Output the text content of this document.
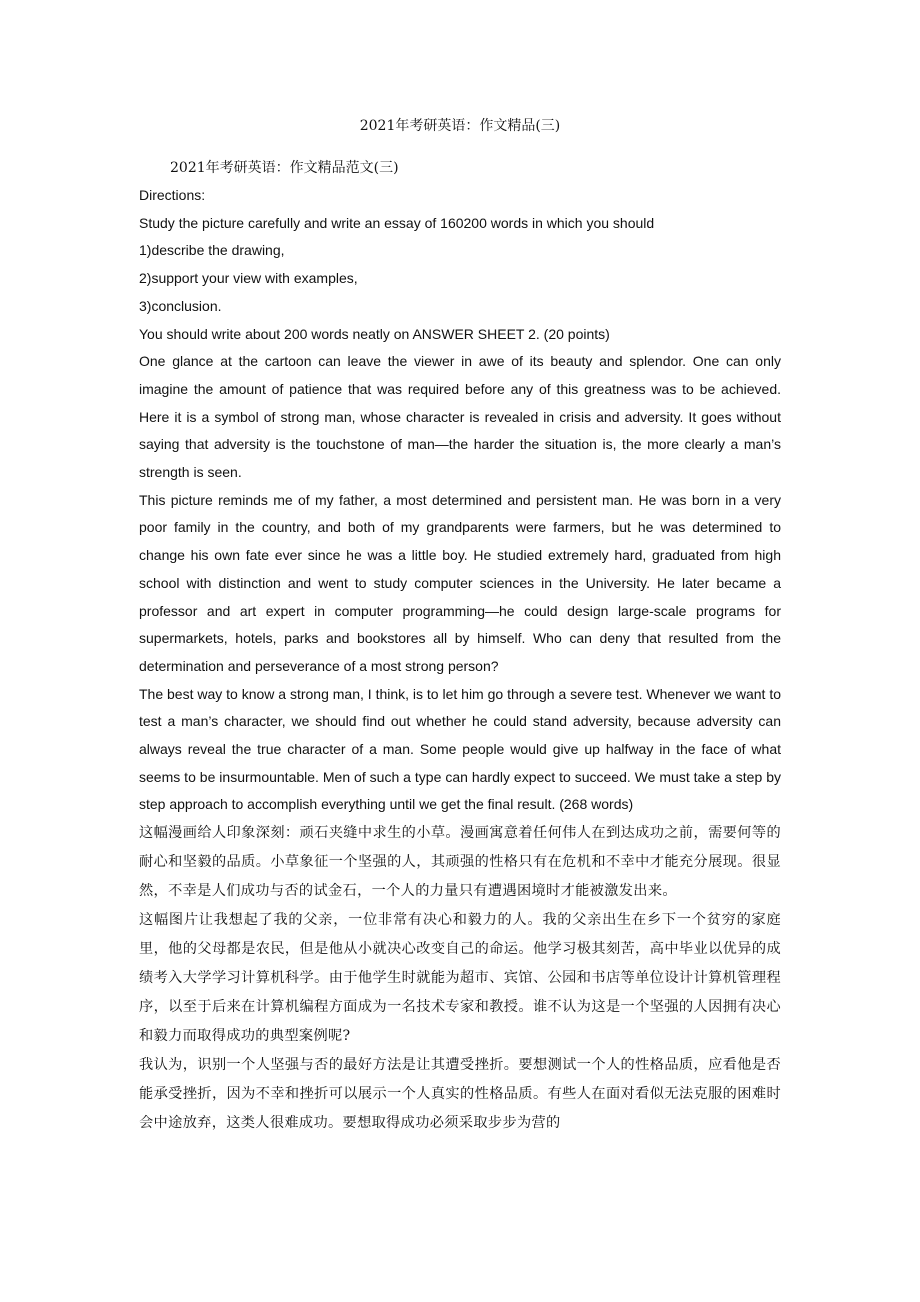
2021年考研英语：作文精品(三)

2021年考研英语：作文精品范文(三)

Directions:

Study the picture carefully and write an essay of 160200 words in which you should

1)describe the drawing,

2)support your view with examples,

3)conclusion.

You should write about 200 words neatly on ANSWER SHEET 2. (20 points)

One glance at the cartoon can leave the viewer in awe of its beauty and splendor. One can only imagine the amount of patience that was required before any of this greatness was to be achieved. Here it is a symbol of strong man, whose character is revealed in crisis and adversity. It goes without saying that adversity is the touchstone of man—the harder the situation is, the more clearly a man’s strength is seen.

This picture reminds me of my father, a most determined and persistent man. He was born in a very poor family in the country, and both of my grandparents were farmers, but he was determined to change his own fate ever since he was a little boy. He studied extremely hard, graduated from high school with distinction and went to study computer sciences in the University. He later became a professor and art expert in computer programming—he could design large-scale programs for supermarkets, hotels, parks and bookstores all by himself. Who can deny that resulted from the determination and perseverance of a most strong person?

The best way to know a strong man, I think, is to let him go through a severe test. Whenever we want to test a man’s character, we should find out whether he could stand adversity, because adversity can always reveal the true character of a man. Some people would give up halfway in the face of what seems to be insurmountable. Men of such a type can hardly expect to succeed. We must take a step by step approach to accomplish everything until we get the final result. (268 words)

这幅漫画给人印象深刻：顽石夹缝中求生的小草。漫画寓意着任何伟人在到达成功之前，需要何等的耐心和坚毅的品质。小草象征一个坚强的人，其顽强的性格只有在危机和不幸中才能充分展现。很显然，不幸是人们成功与否的试金石，一个人的力量只有遭遇困境时才能被激发出来。

这幅图片让我想起了我的父亲，一位非常有决心和毅力的人。我的父亲出生在乡下一个贫穷的家庭里，他的父母都是农民，但是他从小就决心改变自己的命运。他学习极其刻苦，高中毕业以优异的成绩考入大学学习计算机科学。由于他学生时就能为超市、宾馆、公园和书店等单位设计计算机管理程序，以至于后来在计算机编程方面成为一名技术专家和教授。谁不认为这是一个坚强的人因拥有决心和毅力而取得成功的典型案例呢?

我认为，识别一个人坚强与否的最好方法是让其遭受挫折。要想测试一个人的性格品质，应看他是否能承受挫折，因为不幸和挫折可以展示一个人真实的性格品质。有些人在面对看似无法克服的困难时会中途放弃，这类人很难成功。要想取得成功必须采取步步为营的
